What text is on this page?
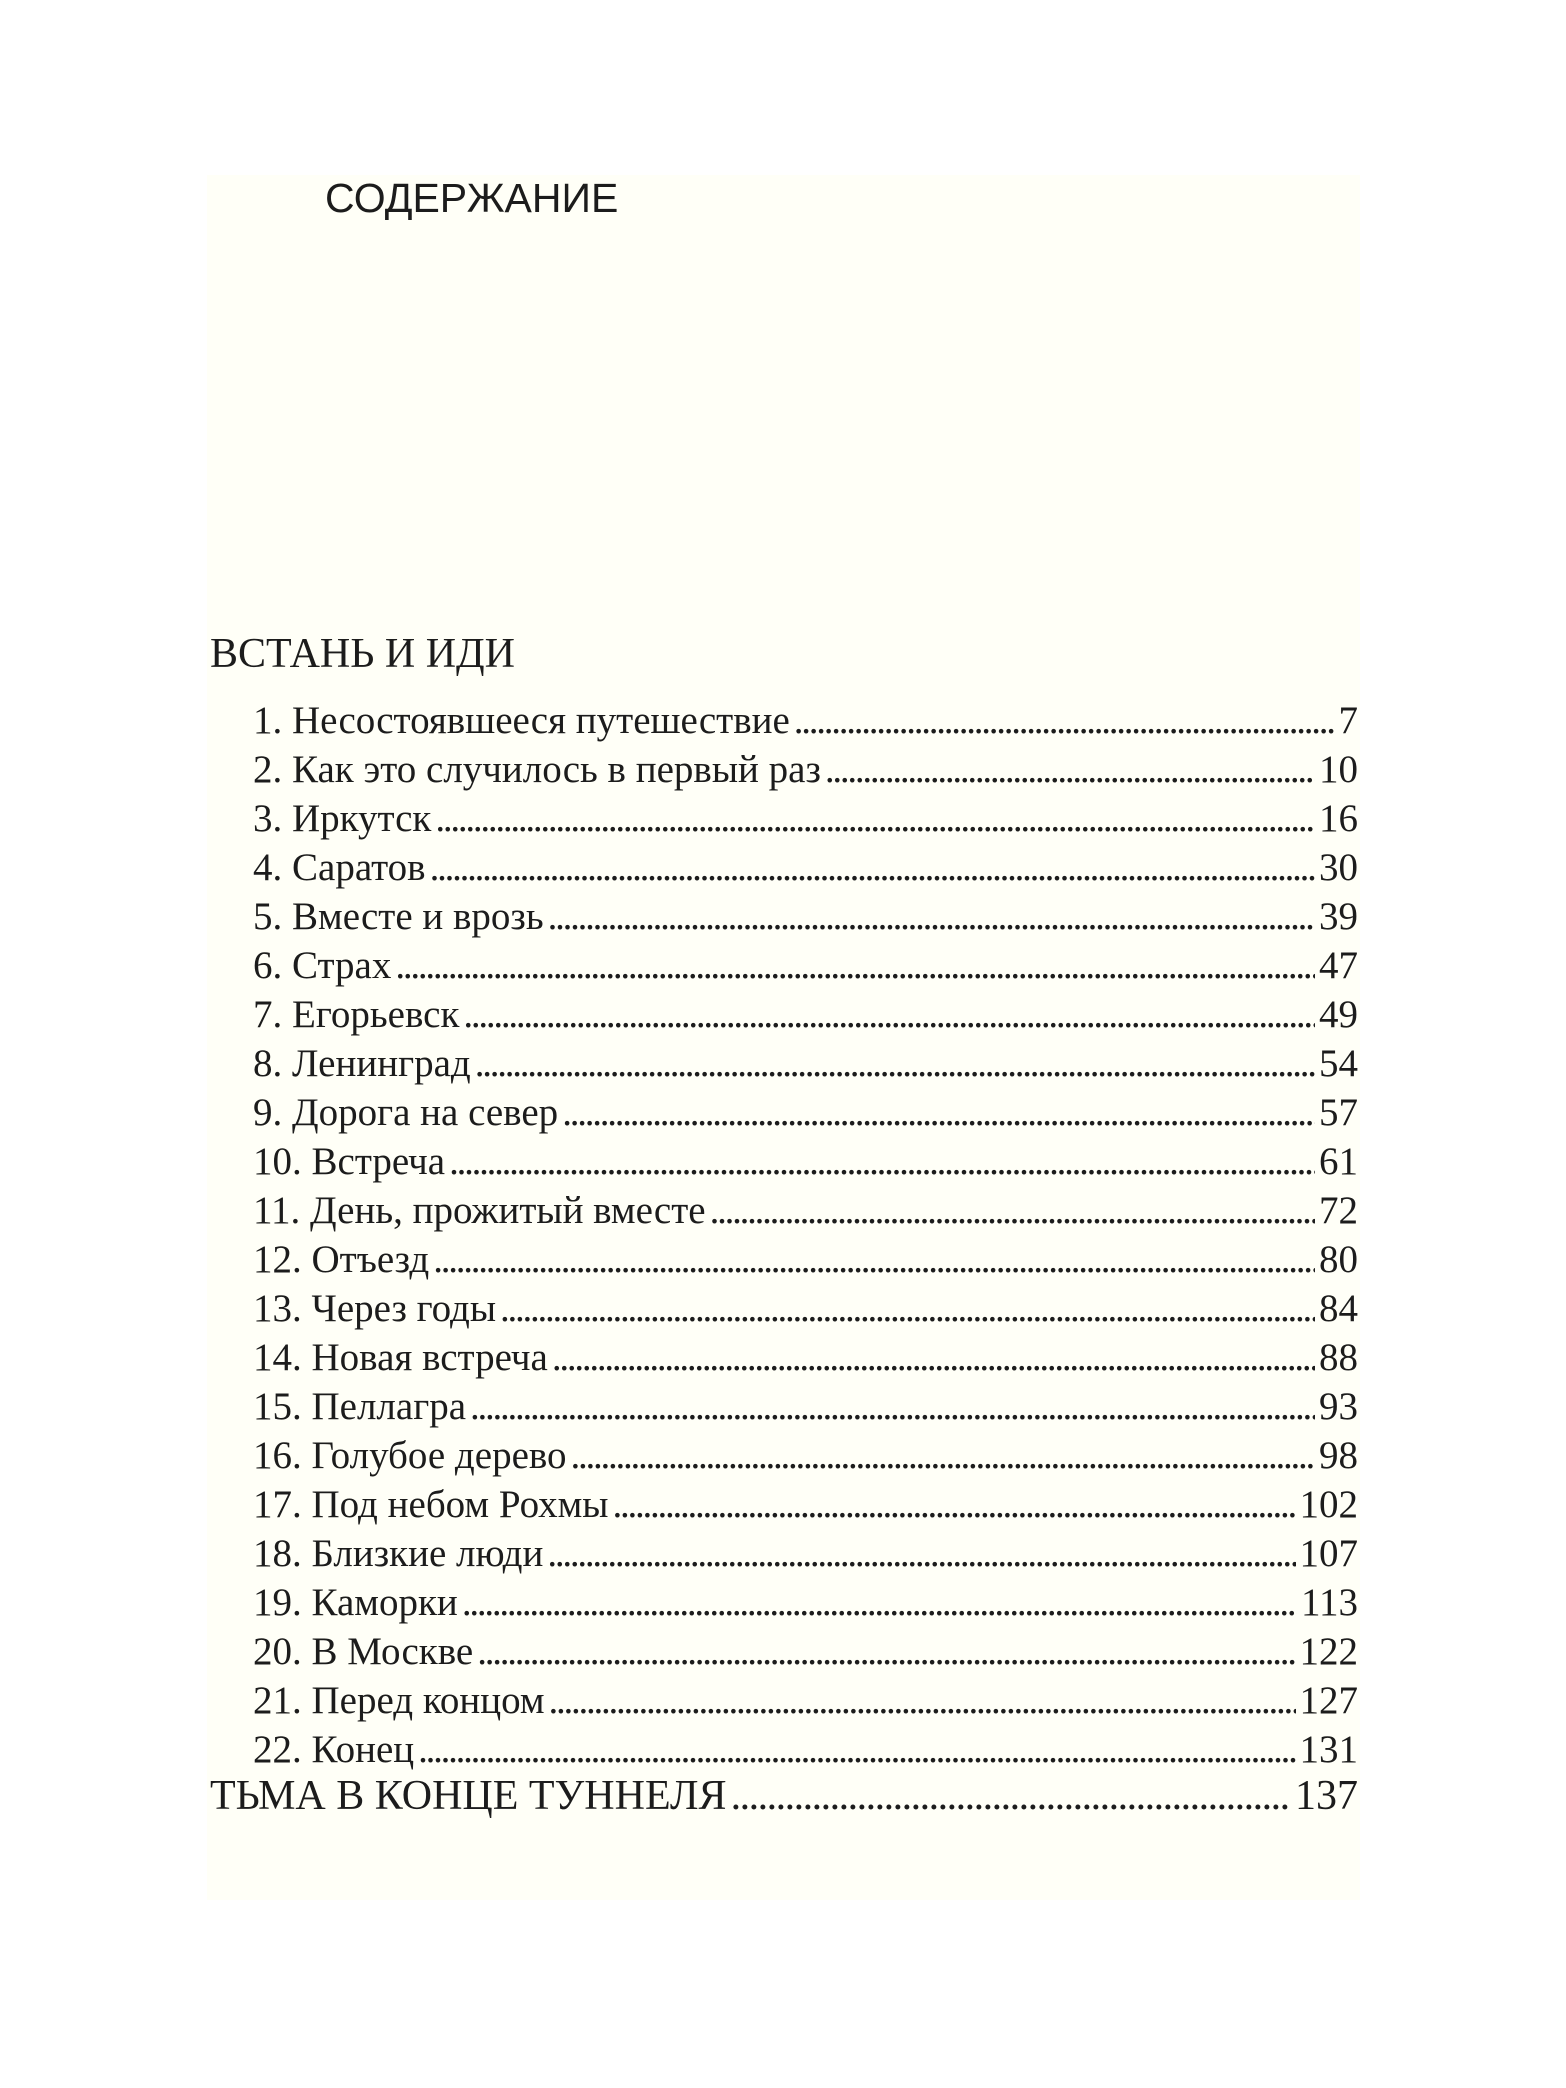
СОДЕРЖАНИЕ
ВСТАНЬ И ИДИ
1. Несостоявшееся путешествие . . .	7
2. Как это случилось в первый раз . . .	10
3. Иркутск . . .	16
4. Саратов . . .	30
5. Вместе и врозь . . .	39
6. Страх . . .	47
7. Егорьевск . . .	49
8. Ленинград . . .	54
9. Дорога на север . . .	57
10. Встреча . . .	61
11. День, прожитый вместе . . .	72
12. Отъезд . . .	80
13. Через годы . . .	84
14. Новая встреча . . .	88
15. Пеллагра . . .	93
16. Голубое дерево . . .	98
17. Под небом Рохмы . . .	102
18. Близкие люди . . .	107
19. Каморки . . .	113
20. В Москве . . .	122
21. Перед концом . . .	127
22. Конец . . .	131
ТЬМА В КОНЦЕ ТУННЕЛЯ . . .	137
